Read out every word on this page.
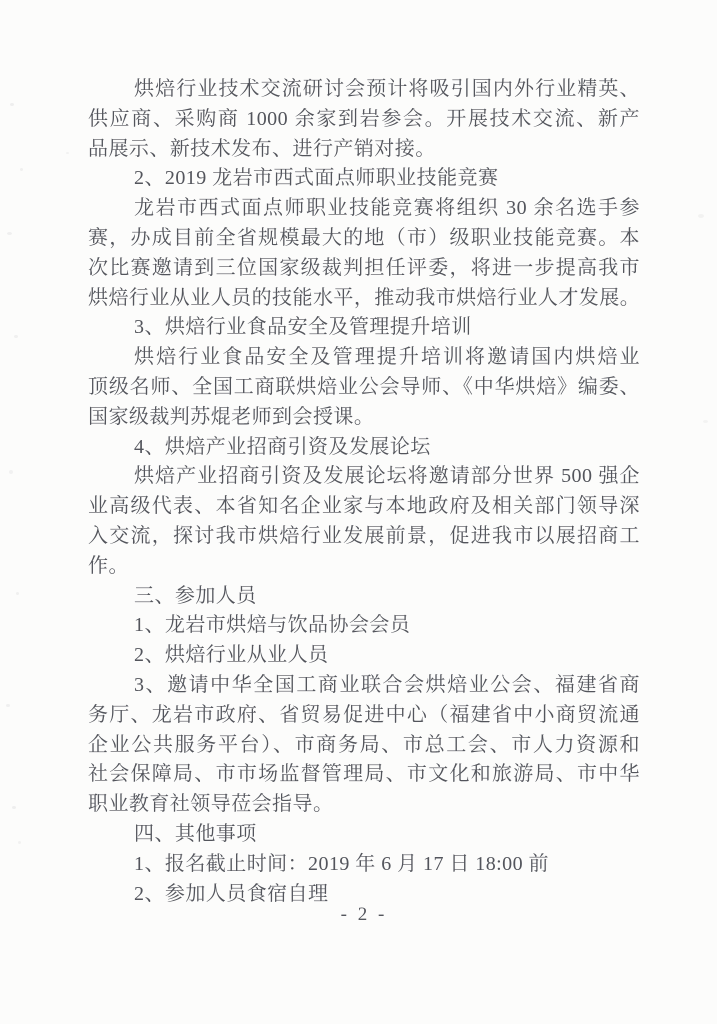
烘焙行业技术交流研讨会预计将吸引国内外行业精英、
供应商、采购商 1000 余家到岩参会。开展技术交流、新产
品展示、新技术发布、进行产销对接。
2、2019 龙岩市西式面点师职业技能竞赛
龙岩市西式面点师职业技能竞赛将组织 30 余名选手参
赛，办成目前全省规模最大的地（市）级职业技能竞赛。本
次比赛邀请到三位国家级裁判担任评委，将进一步提高我市
烘焙行业从业人员的技能水平，推动我市烘焙行业人才发展。
3、烘焙行业食品安全及管理提升培训
烘焙行业食品安全及管理提升培训将邀请国内烘焙业
顶级名师、全国工商联烘焙业公会导师、《中华烘焙》编委、
国家级裁判苏焜老师到会授课。
4、烘焙产业招商引资及发展论坛
烘焙产业招商引资及发展论坛将邀请部分世界 500 强企
业高级代表、本省知名企业家与本地政府及相关部门领导深
入交流，探讨我市烘焙行业发展前景，促进我市以展招商工
作。
三、参加人员
1、龙岩市烘焙与饮品协会会员
2、烘焙行业从业人员
3、邀请中华全国工商业联合会烘焙业公会、福建省商
务厅、龙岩市政府、省贸易促进中心（福建省中小商贸流通
企业公共服务平台）、市商务局、市总工会、市人力资源和
社会保障局、市市场监督管理局、市文化和旅游局、市中华
职业教育社领导莅会指导。
四、其他事项
1、报名截止时间：2019 年 6 月 17 日 18:00 前
2、参加人员食宿自理
- 2 -
